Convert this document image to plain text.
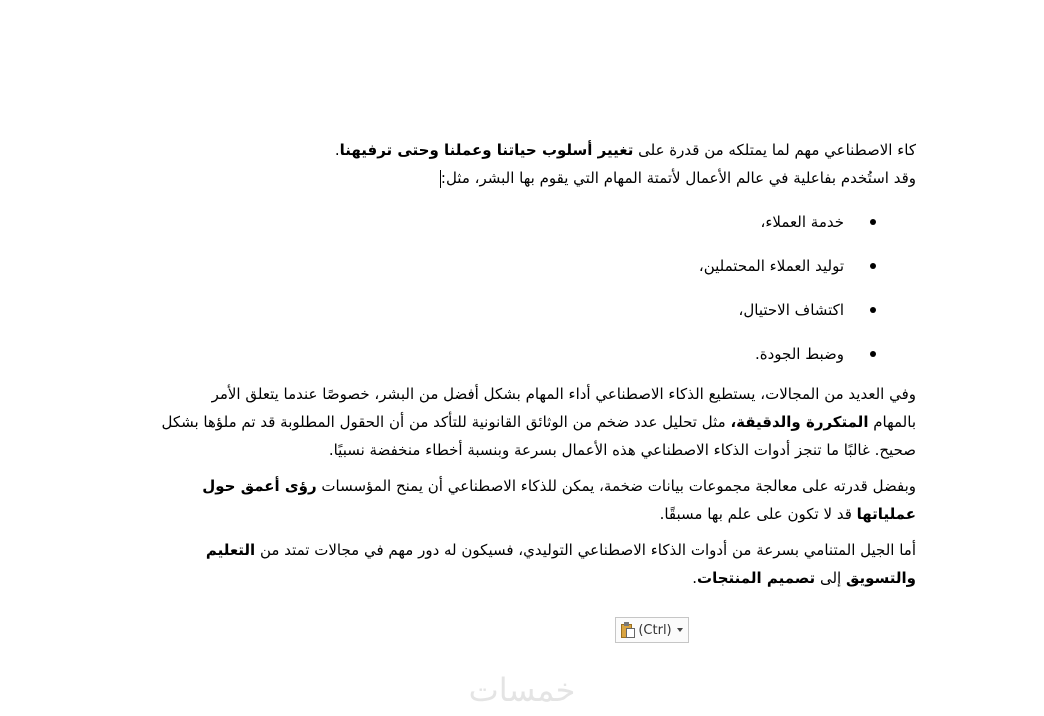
كاء الاصطناعي مهم لما يمتلكه من قدرة على تغيير أسلوب حياتنا وعملنا وحتى ترفيهنا.
وقد استُخدم بفاعلية في عالم الأعمال لأتمتة المهام التي يقوم بها البشر، مثل:

خدمة العملاء،
توليد العملاء المحتملين،
اكتشاف الاحتيال،
وضبط الجودة.

وفي العديد من المجالات، يستطيع الذكاء الاصطناعي أداء المهام بشكل أفضل من البشر، خصوصًا عندما يتعلق الأمر
بالمهام المتكررة والدقيقة، مثل تحليل عدد ضخم من الوثائق القانونية للتأكد من أن الحقول المطلوبة قد تم ملؤها بشكل
صحيح. غالبًا ما تنجز أدوات الذكاء الاصطناعي هذه الأعمال بسرعة وبنسبة أخطاء منخفضة نسبيًا.

وبفضل قدرته على معالجة مجموعات بيانات ضخمة، يمكن للذكاء الاصطناعي أن يمنح المؤسسات رؤى أعمق حول
عملياتها قد لا تكون على علم بها مسبقًا.

أما الجيل المتنامي بسرعة من أدوات الذكاء الاصطناعي التوليدي، فسيكون له دور مهم في مجالات تمتد من التعليم
والتسويق إلى تصميم المنتجات.

(Ctrl)
خمسات
